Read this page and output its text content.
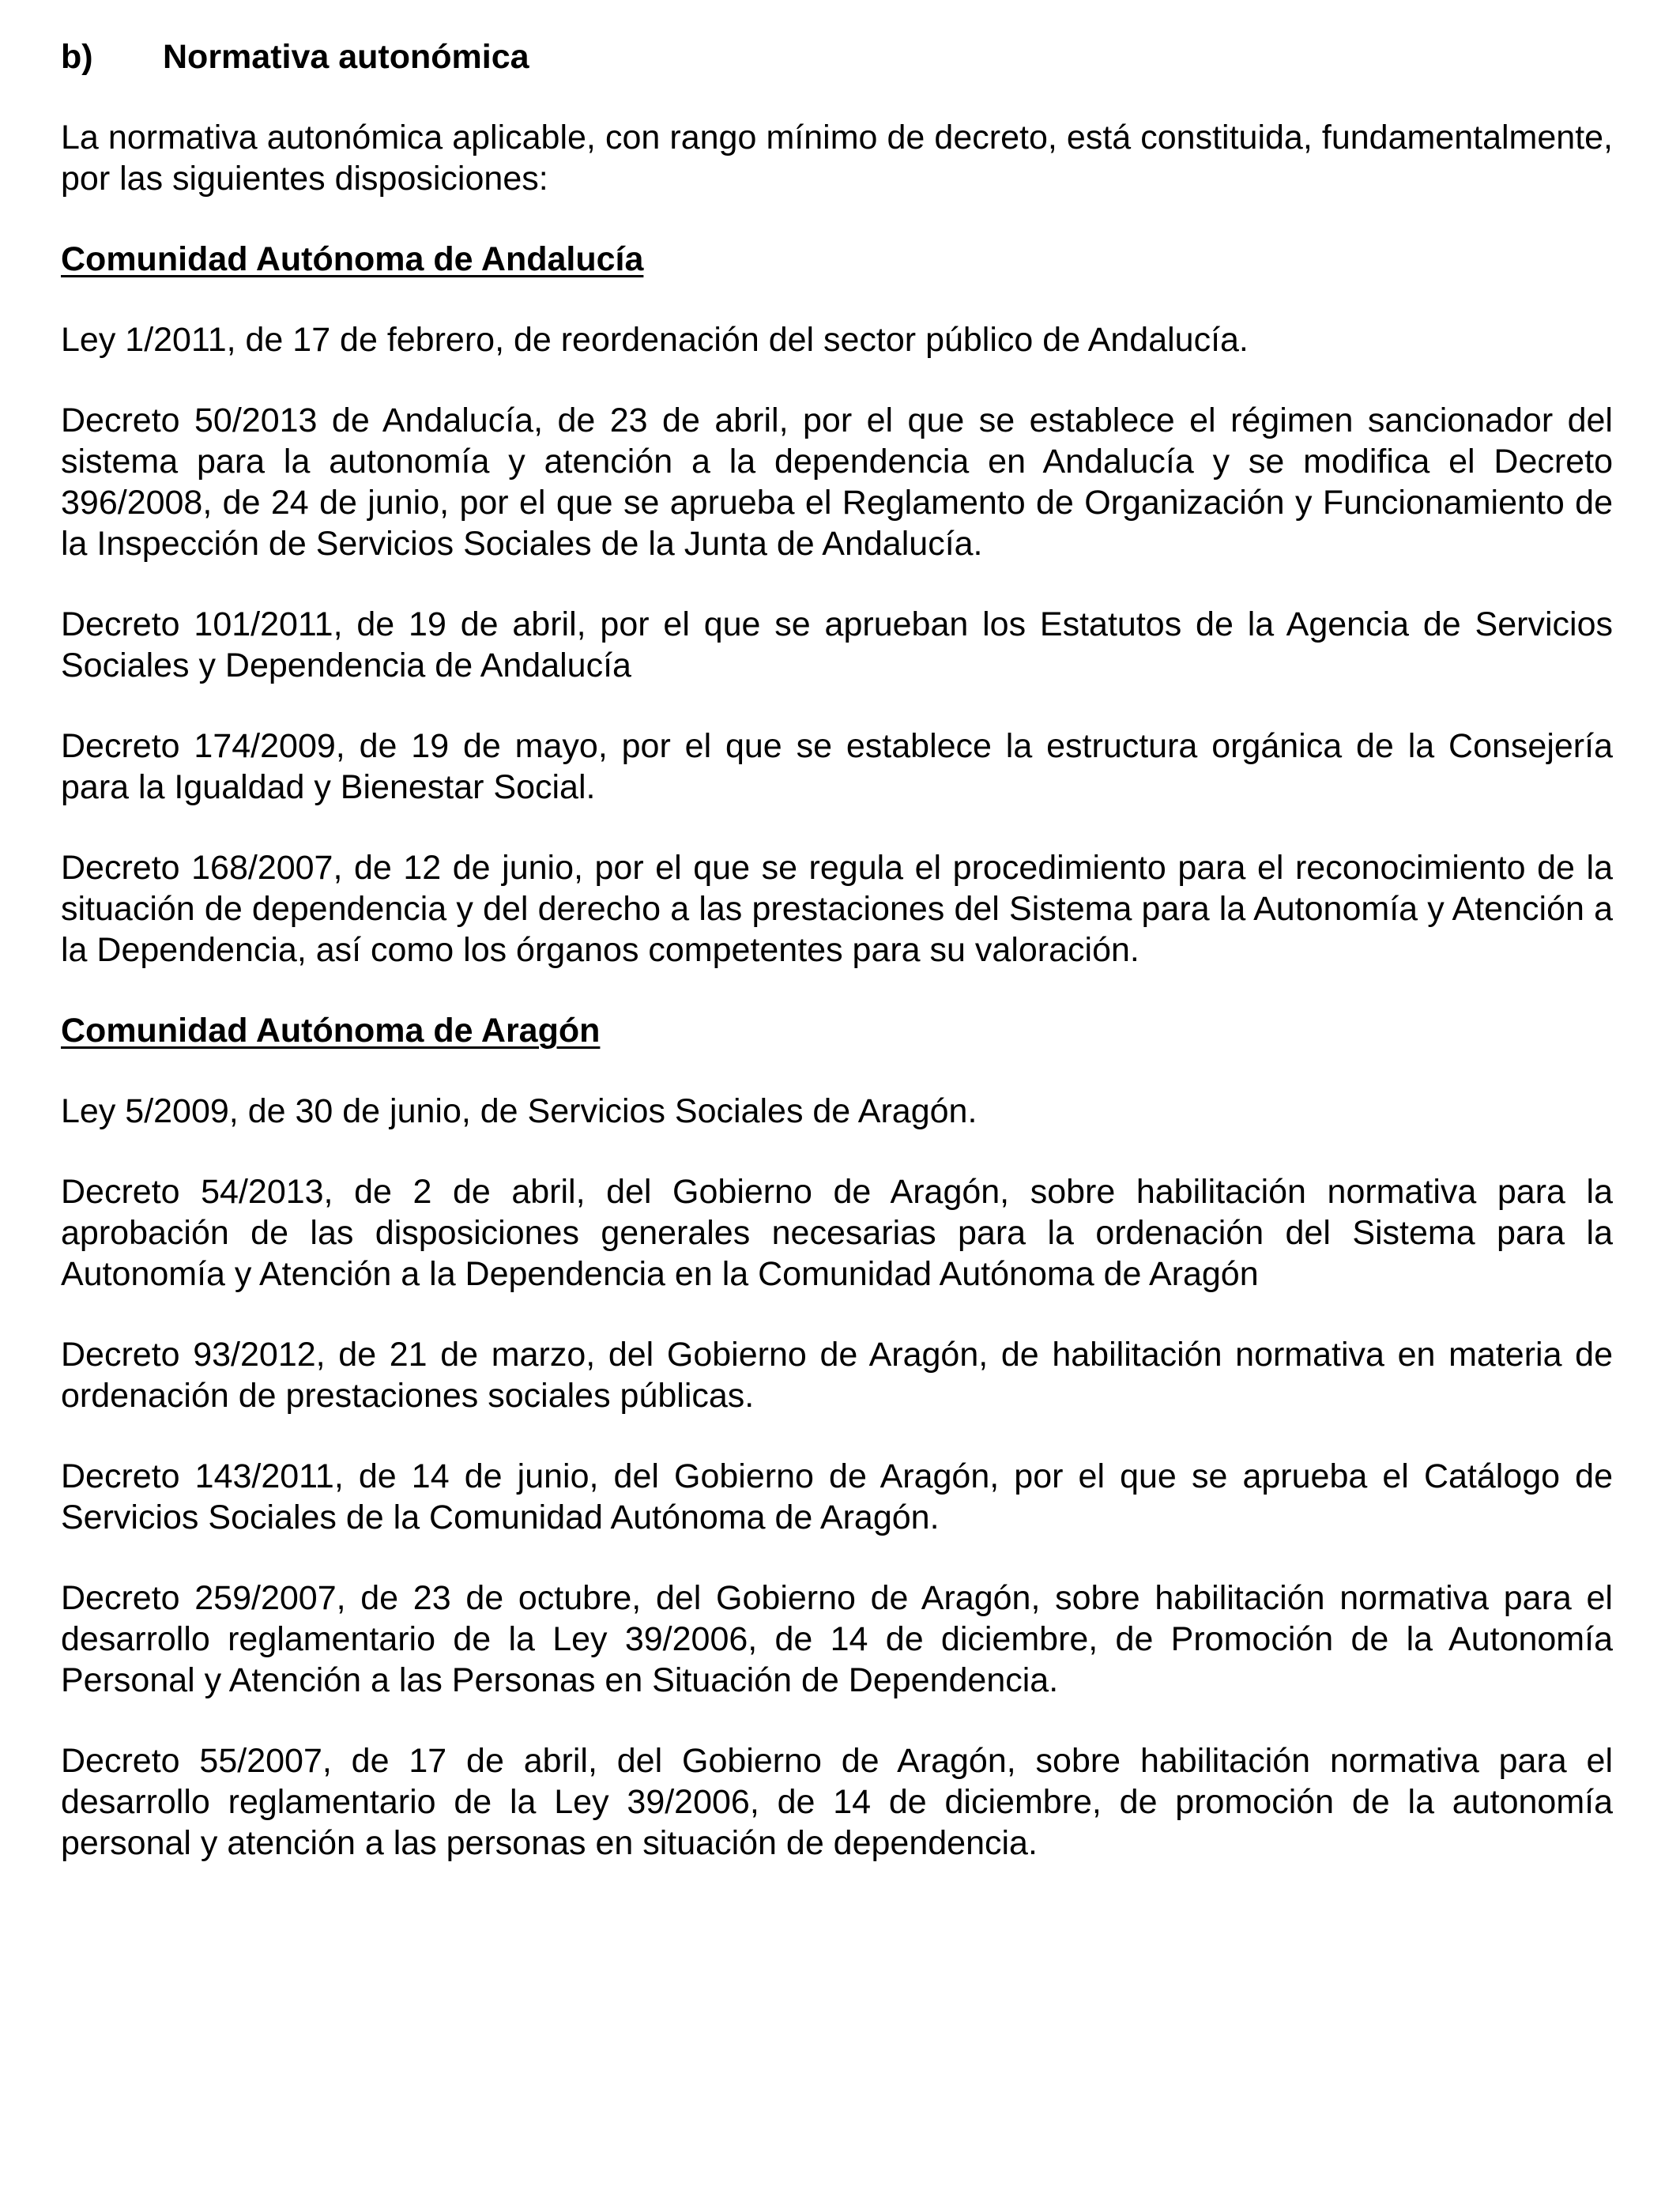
b)	Normativa autonómica

La normativa autonómica aplicable, con rango mínimo de decreto, está constituida, fundamentalmente, por las siguientes disposiciones:

Comunidad Autónoma de Andalucía

Ley 1/2011, de 17 de febrero, de reordenación del sector público de Andalucía.

Decreto 50/2013 de Andalucía, de 23 de abril, por el que se establece el régimen sancionador del sistema para la autonomía y atención a la dependencia en Andalucía y se modifica el Decreto 396/2008, de 24 de junio, por el que se aprueba el Reglamento de Organización y Funcionamiento de la Inspección de Servicios Sociales de la Junta de Andalucía.

Decreto 101/2011, de 19 de abril, por el que se aprueban los Estatutos de la Agencia de Servicios Sociales y Dependencia de Andalucía

Decreto 174/2009, de 19 de mayo, por el que se establece la estructura orgánica de la Consejería para la Igualdad y Bienestar Social.

Decreto 168/2007, de 12 de junio, por el que se regula el procedimiento para el reconocimiento de la situación de dependencia y del derecho a las prestaciones del Sistema para la Autonomía y Atención a la Dependencia, así como los órganos competentes para su valoración.

Comunidad Autónoma de Aragón

Ley 5/2009, de 30 de junio, de Servicios Sociales de Aragón.

Decreto 54/2013, de 2 de abril, del Gobierno de Aragón, sobre habilitación normativa para la aprobación de las disposiciones generales necesarias para la ordenación del Sistema para la Autonomía y Atención a la Dependencia en la Comunidad Autónoma de Aragón

Decreto 93/2012, de 21 de marzo, del Gobierno de Aragón, de habilitación normativa en materia de ordenación de prestaciones sociales públicas.

Decreto 143/2011, de 14 de junio, del Gobierno de Aragón, por el que se aprueba el Catálogo de Servicios Sociales de la Comunidad Autónoma de Aragón.

Decreto 259/2007, de 23 de octubre, del Gobierno de Aragón, sobre habilitación normativa para el desarrollo reglamentario de la Ley 39/2006, de 14 de diciembre, de Promoción de la Autonomía Personal y Atención a las Personas en Situación de Dependencia.

Decreto 55/2007, de 17 de abril, del Gobierno de Aragón, sobre habilitación normativa para el desarrollo reglamentario de la Ley 39/2006, de 14 de diciembre, de promoción de la autonomía personal y atención a las personas en situación de dependencia.
